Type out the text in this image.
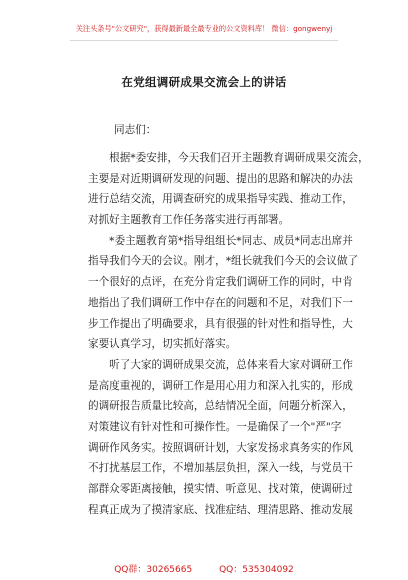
关注头条号"公文研究"，获得最新最全最专业的公文资料库！ 微信：gongwenyj
在党组调研成果交流会上的讲话
同志们：
　　根据*委安排，今天我们召开主题教育调研成果交流会，
主要是对近期调研发现的问题、提出的思路和解决的办法
进行总结交流，用调查研究的成果指导实践、推动工作，
对抓好主题教育工作任务落实进行再部署。
　　*委主题教育第*指导组组长*同志、成员*同志出席并
指导我们今天的会议。刚才，*组长就我们今天的会议做了
一个很好的点评，在充分肯定我们调研工作的同时，中肯
地指出了我们调研工作中存在的问题和不足，对我们下一
步工作提出了明确要求，具有很强的针对性和指导性，大
家要认真学习，切实抓好落实。
　　听了大家的调研成果交流，总体来看大家对调研工作
是高度重视的，调研工作是用心用力和深入扎实的，形成
的调研报告质量比较高，总结情况全面，问题分析深入，
对策建议有针对性和可操作性。一是确保了一个"严"字
调研作风务实。按照调研计划，大家发扬求真务实的作风
不打扰基层工作，不增加基层负担，深入一线，与党员干
部群众零距离接触，摸实情、听意见、找对策，使调研过
程真正成为了摸清家底、找准症结、理清思路、推动发展
QQ群：30265665	QQ：535304092
